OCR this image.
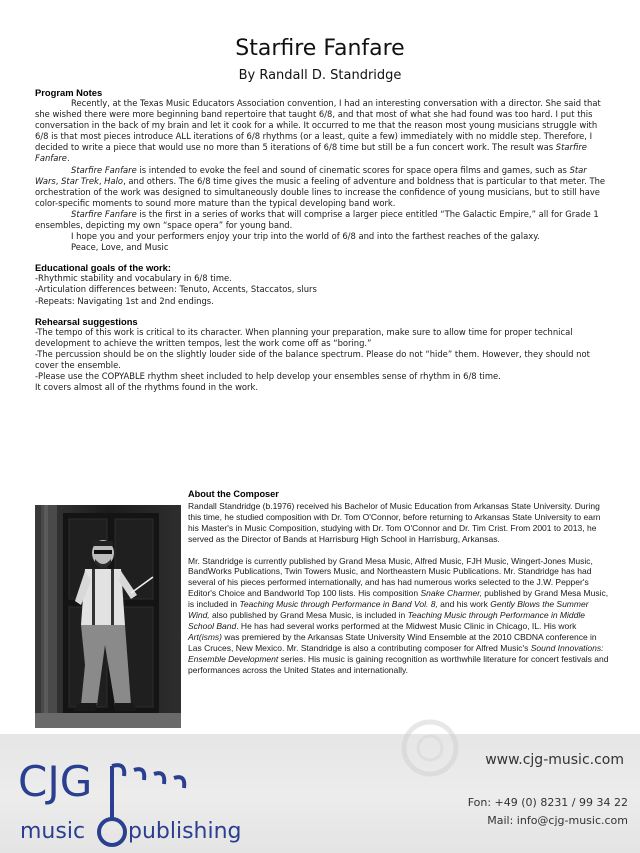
Starfire Fanfare
By Randall D. Standridge
Program Notes

Recently, at the Texas Music Educators Association convention, I had an interesting conversation with a director. She said that she wished there were more beginning band repertoire that taught 6/8, and that most of what she had found was too hard. I put this conversation in the back of my brain and let it cook for a while. It occurred to me that the reason most young musicians struggle with 6/8 is that most pieces introduce ALL iterations of 6/8 rhythms (or a least, quite a few) immediately with no middle step. Therefore, I decided to write a piece that would use no more than 5 iterations of 6/8 time but still be a fun concert work. The result was Starfire Fanfare.

Starfire Fanfare is intended to evoke the feel and sound of cinematic scores for space opera films and games, such as Star Wars, Star Trek, Halo, and others. The 6/8 time gives the music a feeling of adventure and boldness that is particular to that meter. The orchestration of the work was designed to simultaneously double lines to increase the confidence of young musicians, but to still have color-specific moments to sound more mature than the typical developing band work.

Starfire Fanfare is the first in a series of works that will comprise a larger piece entitled “The Galactic Empire,” all for Grade 1 ensembles, depicting my own “space opera” for young band.

I hope you and your performers enjoy your trip into the world of 6/8 and into the farthest reaches of the galaxy.

Peace, Love, and Music

Educational goals of the work:

-Rhythmic stability and vocabulary in 6/8 time.

-Articulation differences between: Tenuto, Accents, Staccatos, slurs

-Repeats: Navigating 1st and 2nd endings.

Rehearsal suggestions

-The tempo of this work is critical to its character. When planning your preparation, make sure to allow time for proper technical development to achieve the written tempos, lest the work come off as “boring.”

-The percussion should be on the slightly louder side of the balance spectrum. Please do not “hide” them. However, they should not cover the ensemble.

-Please use the COPYABLE rhythm sheet included to help develop your ensembles sense of rhythm in 6/8 time.

It covers almost all of the rhythms found in the work.

About the Composer

Randall Standridge (b.1976) received his Bachelor of Music Education from Arkansas State University. During this time, he studied composition with Dr. Tom O'Connor, before returning to Arkansas State University to earn his Master's in Music Composition, studying with Dr. Tom O'Connor and Dr. Tim Crist. From 2001 to 2013, he served as the Director of Bands at Harrisburg High School in Harrisburg, Arkansas.

Mr. Standridge is currently published by Grand Mesa Music, Alfred Music, FJH Music, Wingert-Jones Music, BandWorks Publications, Twin Towers Music, and Northeastern Music Publications. Mr. Standridge has had several of his pieces performed internationally, and has had numerous works selected to the J.W. Pepper's Editor's Choice and Bandworld Top 100 lists. His composition Snake Charmer, published by Grand Mesa Music, is included in Teaching Music through Performance in Band Vol. 8, and his work Gently Blows the Summer Wind, also published by Grand Mesa Music, is included in Teaching Music through Performance in Middle School Band. He has had several works performed at the Midwest Music Clinic in Chicago, IL. His work Art(isms) was premiered by the Arkansas State University Wind Ensemble at the 2010 CBDNA conference in Las Cruces, New Mexico. Mr. Standridge is also a contributing composer for Alfred Music's Sound Innovations: Ensemble Development series. His music is gaining recognition as worthwhile literature for concert festivals and performances across the United States and internationally.

CJG
music publishing
www.cjg-music.com
Fon: +49 (0) 8231 / 99 34 22
Mail: info@cjg-music.com
